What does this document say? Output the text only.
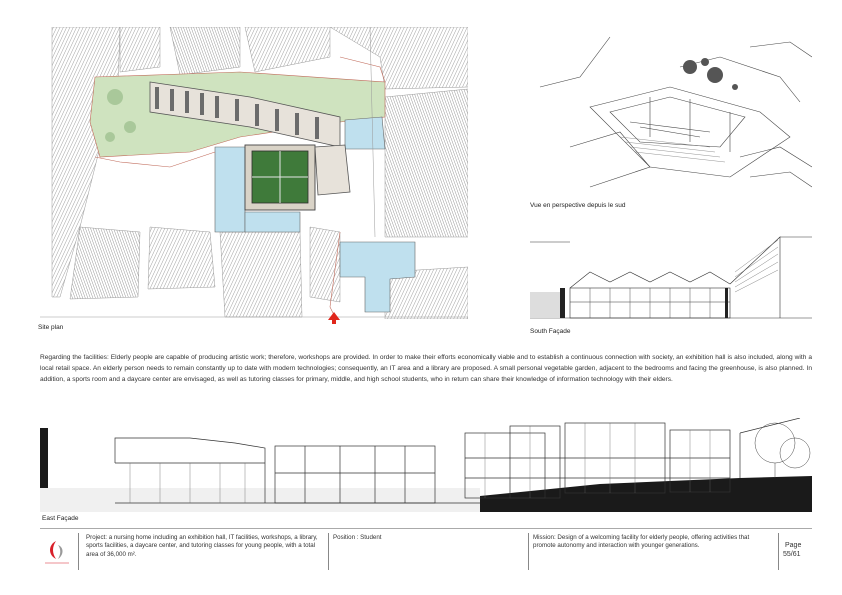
Site plan
Vue en perspective depuis le sud
South Façade
Regarding the facilities: Elderly people are capable of producing artistic work; therefore, workshops are provided. In order to make their efforts economically viable and to establish a continuous connection with society, an exhibition hall is also included, along with a local retail space. An elderly person needs to remain constantly up to date with modern technologies; consequently, an IT area and a library are proposed. A small personal vegetable garden, adjacent to the bedrooms and facing the greenhouse, is also planned. In addition, a sports room and a daycare center are envisaged, as well as tutoring classes for primary, middle, and high school students, who in return can share their knowledge of information technology with their elders.
East Façade
Project: a nursing home including an exhibition hall, IT facilities, workshops, a library, sports facilities, a daycare center, and tutoring classes for young people, with a total area of 36,000 m².
Position : Student	Mission: Design of a welcoming facility for elderly people, offering activities that promote autonomy and interaction with younger generations.	Page
55/61
